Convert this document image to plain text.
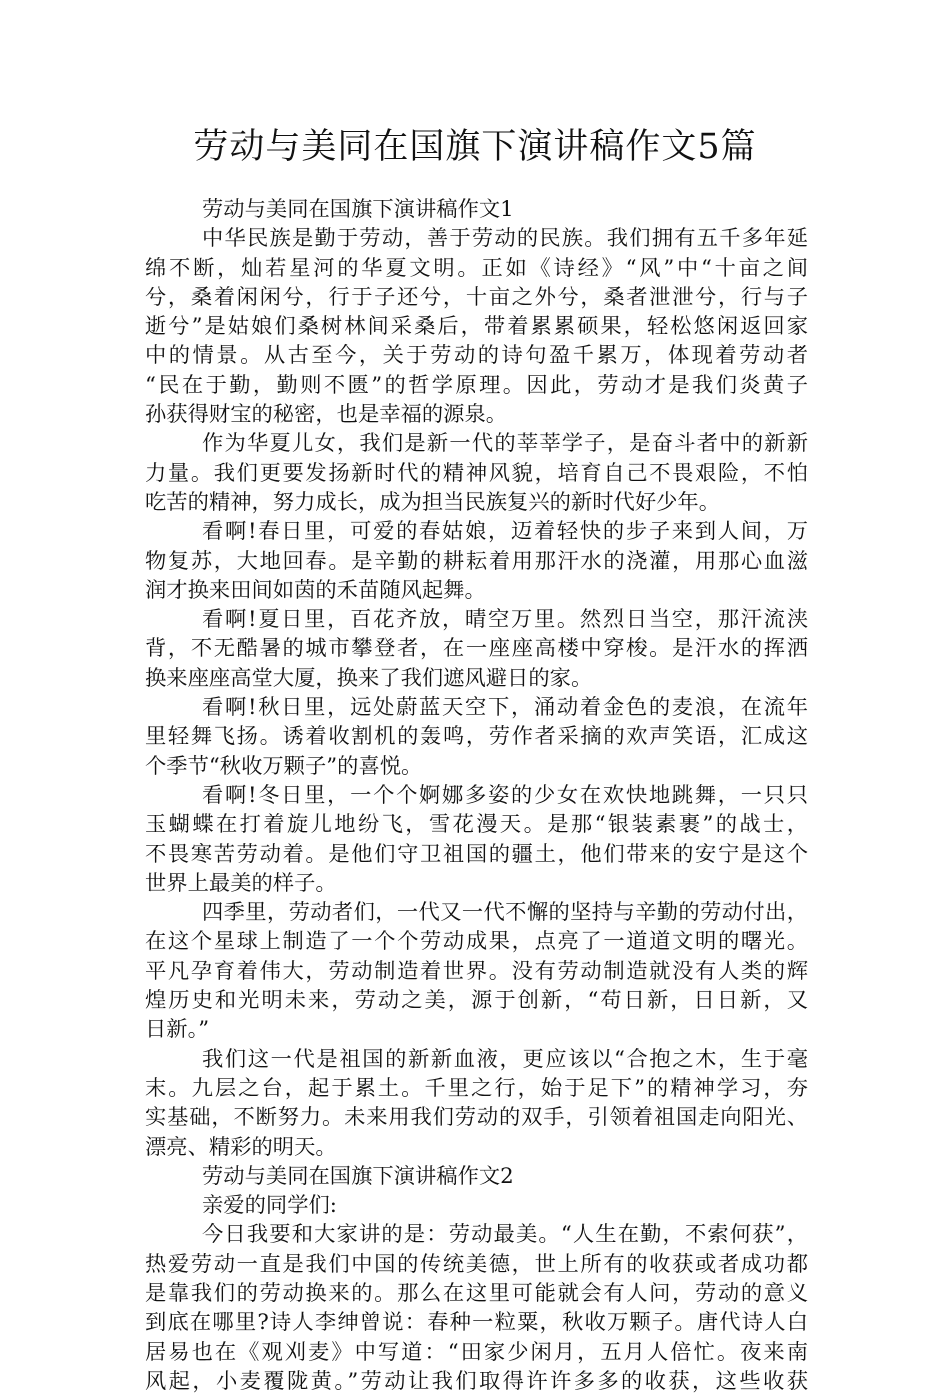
劳动与美同在国旗下演讲稿作文5篇
劳动与美同在国旗下演讲稿作文1
中华民族是勤于劳动，善于劳动的民族。我们拥有五千多年延
绵不断，灿若星河的华夏文明。正如《诗经》“风”中“十亩之间
兮，桑着闲闲兮，行于子还兮，十亩之外兮，桑者泄泄兮，行与子
逝兮”是姑娘们桑树林间采桑后，带着累累硕果，轻松悠闲返回家
中的情景。从古至今，关于劳动的诗句盈千累万，体现着劳动者
“民在于勤，勤则不匮”的哲学原理。因此，劳动才是我们炎黄子
孙获得财宝的秘密，也是幸福的源泉。
作为华夏儿女，我们是新一代的莘莘学子，是奋斗者中的新新
力量。我们更要发扬新时代的精神风貌，培育自己不畏艰险，不怕
吃苦的精神，努力成长，成为担当民族复兴的新时代好少年。
看啊!春日里，可爱的春姑娘，迈着轻快的步子来到人间，万
物复苏，大地回春。是辛勤的耕耘着用那汗水的浇灌，用那心血滋
润才换来田间如茵的禾苗随风起舞。
看啊!夏日里，百花齐放，晴空万里。然烈日当空，那汗流浃
背，不无酷暑的城市攀登者，在一座座高楼中穿梭。是汗水的挥洒
换来座座高堂大厦，换来了我们遮风避日的家。
看啊!秋日里，远处蔚蓝天空下，涌动着金色的麦浪，在流年
里轻舞飞扬。诱着收割机的轰鸣，劳作者采摘的欢声笑语，汇成这
个季节“秋收万颗子”的喜悦。
看啊!冬日里，一个个婀娜多姿的少女在欢快地跳舞，一只只
玉蝴蝶在打着旋儿地纷飞，雪花漫天。是那“银装素裹”的战士，
不畏寒苦劳动着。是他们守卫祖国的疆土，他们带来的安宁是这个
世界上最美的样子。
四季里，劳动者们，一代又一代不懈的坚持与辛勤的劳动付出，
在这个星球上制造了一个个劳动成果，点亮了一道道文明的曙光。
平凡孕育着伟大，劳动制造着世界。没有劳动制造就没有人类的辉
煌历史和光明未来，劳动之美，源于创新，“苟日新，日日新，又
日新。”
我们这一代是祖国的新新血液，更应该以“合抱之木，生于毫
末。九层之台，起于累土。千里之行，始于足下”的精神学习，夯
实基础，不断努力。未来用我们劳动的双手，引领着祖国走向阳光、
漂亮、精彩的明天。
劳动与美同在国旗下演讲稿作文2
亲爱的同学们:
今日我要和大家讲的是：劳动最美。“人生在勤，不索何获”，
热爱劳动一直是我们中国的传统美德，世上所有的收获或者成功都
是靠我们的劳动换来的。那么在这里可能就会有人问，劳动的意义
到底在哪里?诗人李绅曾说：春种一粒粟，秋收万颗子。唐代诗人白
居易也在《观刈麦》中写道：“田家少闲月，五月人倍忙。夜来南
风起，小麦覆陇黄。”劳动让我们取得许许多多的收获，这些收获
